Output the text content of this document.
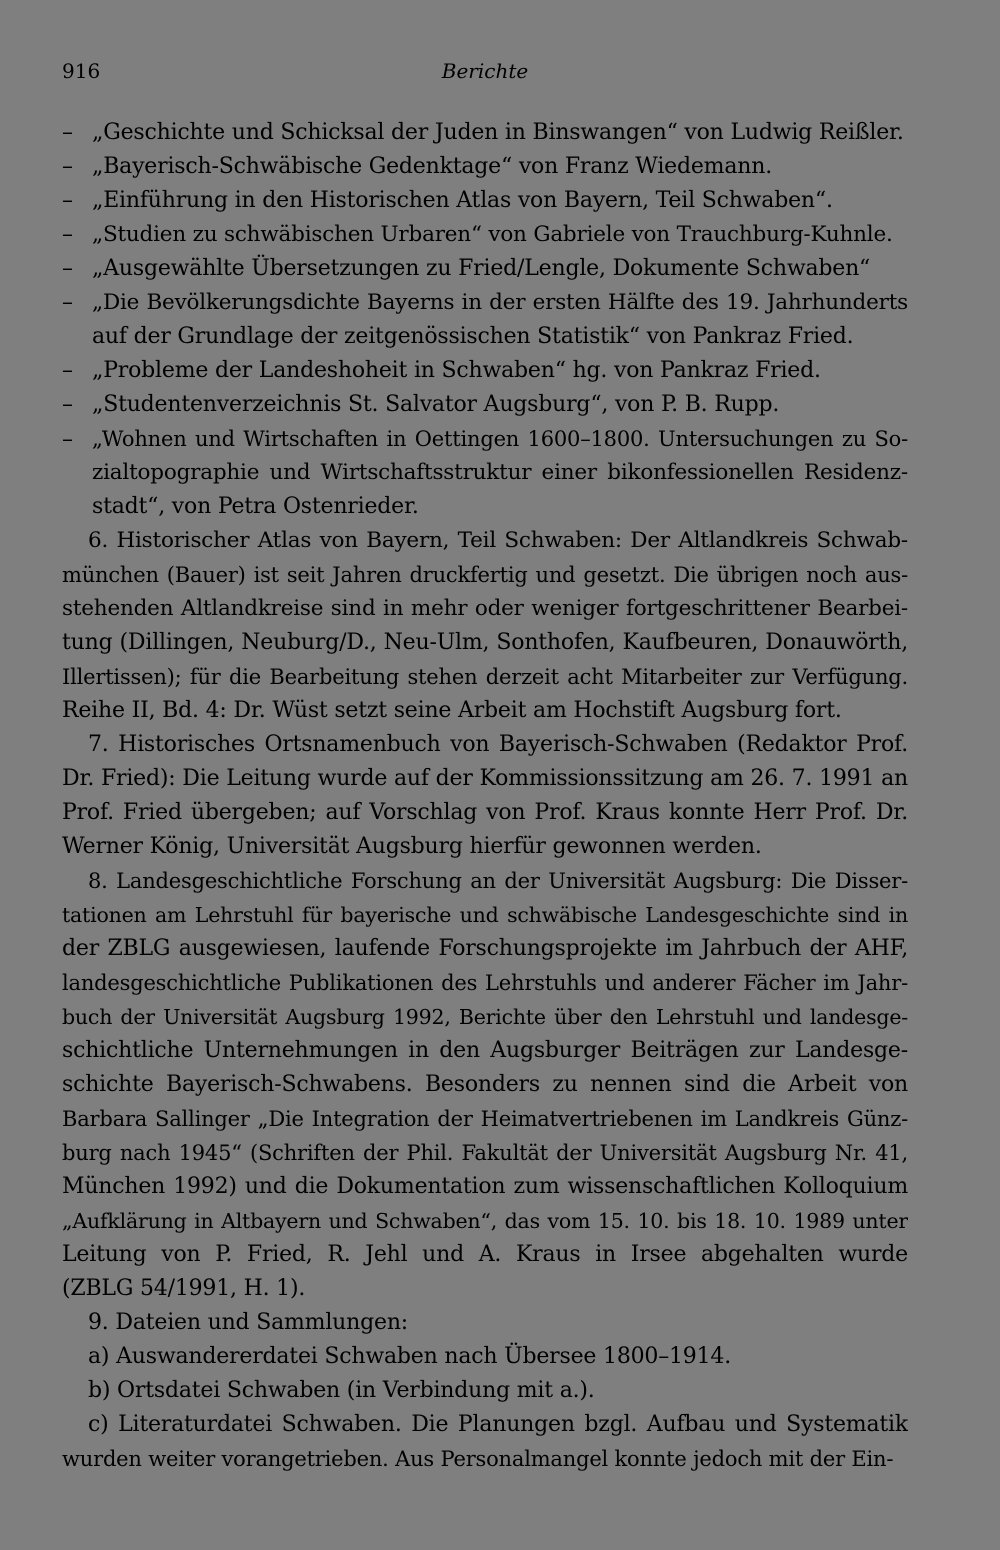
916	Berichte
– „Geschichte und Schicksal der Juden in Binswangen“ von Ludwig Reißler.
– „Bayerisch-Schwäbische Gedenktage“ von Franz Wiedemann.
– „Einführung in den Historischen Atlas von Bayern, Teil Schwaben“.
– „Studien zu schwäbischen Urbaren“ von Gabriele von Trauchburg-Kuhnle.
– „Ausgewählte Übersetzungen zu Fried/Lengle, Dokumente Schwaben“
– „Die Bevölkerungsdichte Bayerns in der ersten Hälfte des 19. Jahrhunderts
auf der Grundlage der zeitgenössischen Statistik“ von Pankraz Fried.
– „Probleme der Landeshoheit in Schwaben“ hg. von Pankraz Fried.
– „Studentenverzeichnis St. Salvator Augsburg“, von P. B. Rupp.
– „Wohnen und Wirtschaften in Oettingen 1600–1800. Untersuchungen zu So-
zialtopographie und Wirtschaftsstruktur einer bikonfessionellen Residenz-
stadt“, von Petra Ostenrieder.
6. Historischer Atlas von Bayern, Teil Schwaben: Der Altlandkreis Schwab-
münchen (Bauer) ist seit Jahren druckfertig und gesetzt. Die übrigen noch aus-
stehenden Altlandkreise sind in mehr oder weniger fortgeschrittener Bearbei-
tung (Dillingen, Neuburg/D., Neu-Ulm, Sonthofen, Kaufbeuren, Donauwörth,
Illertissen); für die Bearbeitung stehen derzeit acht Mitarbeiter zur Verfügung.
Reihe II, Bd. 4: Dr. Wüst setzt seine Arbeit am Hochstift Augsburg fort.
7. Historisches Ortsnamenbuch von Bayerisch-Schwaben (Redaktor Prof.
Dr. Fried): Die Leitung wurde auf der Kommissionssitzung am 26. 7. 1991 an
Prof. Fried übergeben; auf Vorschlag von Prof. Kraus konnte Herr Prof. Dr.
Werner König, Universität Augsburg hierfür gewonnen werden.
8. Landesgeschichtliche Forschung an der Universität Augsburg: Die Disser-
tationen am Lehrstuhl für bayerische und schwäbische Landesgeschichte sind in
der ZBLG ausgewiesen, laufende Forschungsprojekte im Jahrbuch der AHF,
landesgeschichtliche Publikationen des Lehrstuhls und anderer Fächer im Jahr-
buch der Universität Augsburg 1992, Berichte über den Lehrstuhl und landesge-
schichtliche Unternehmungen in den Augsburger Beiträgen zur Landesge-
schichte Bayerisch-Schwabens. Besonders zu nennen sind die Arbeit von
Barbara Sallinger „Die Integration der Heimatvertriebenen im Landkreis Günz-
burg nach 1945“ (Schriften der Phil. Fakultät der Universität Augsburg Nr. 41,
München 1992) und die Dokumentation zum wissenschaftlichen Kolloquium
„Aufklärung in Altbayern und Schwaben“, das vom 15. 10. bis 18. 10. 1989 unter
Leitung von P. Fried, R. Jehl und A. Kraus in Irsee abgehalten wurde
(ZBLG 54/1991, H. 1).
9. Dateien und Sammlungen:
a) Auswandererdatei Schwaben nach Übersee 1800–1914.
b) Ortsdatei Schwaben (in Verbindung mit a.).
c) Literaturdatei Schwaben. Die Planungen bzgl. Aufbau und Systematik
wurden weiter vorangetrieben. Aus Personalmangel konnte jedoch mit der Ein-
